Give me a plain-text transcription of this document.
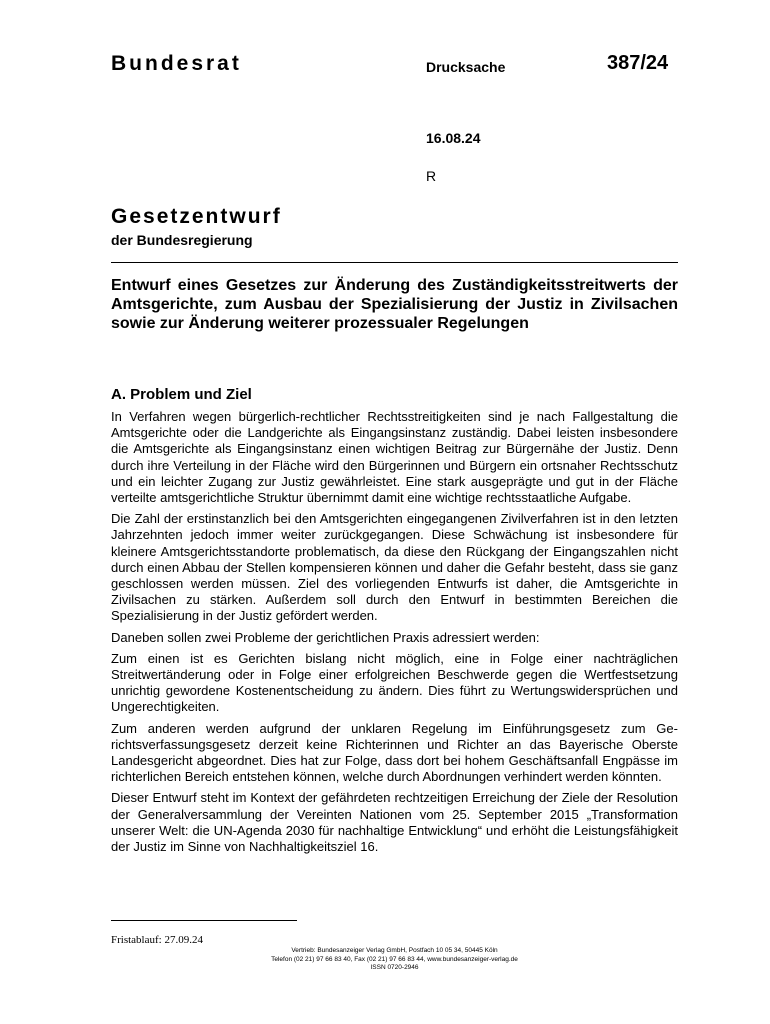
Bundesrat	Drucksache	387/24
16.08.24
R
Gesetzentwurf
der Bundesregierung
Entwurf eines Gesetzes zur Änderung des Zuständigkeitsstreitwerts der Amtsgerichte, zum Ausbau der Spezialisierung der Justiz in Zivilsachen sowie zur Änderung weiterer prozessualer Regelungen
A. Problem und Ziel

In Verfahren wegen bürgerlich-rechtlicher Rechtsstreitigkeiten sind je nach Fallgestaltung die Amtsgerichte oder die Landgerichte als Eingangsinstanz zuständig. Dabei leisten insbesondere die Amtsgerichte als Eingangsinstanz einen wichtigen Beitrag zur Bürgernähe der Justiz. Denn durch ihre Verteilung in der Fläche wird den Bürgerinnen und Bürgern ein ortsnaher Rechtsschutz und ein leichter Zugang zur Justiz gewährleistet. Eine stark ausgeprägte und gut in der Fläche verteilte amtsgerichtliche Struktur übernimmt damit eine wichtige rechtsstaatliche Aufgabe.

Die Zahl der erstinstanzlich bei den Amtsgerichten eingegangenen Zivilverfahren ist in den letzten Jahrzehnten jedoch immer weiter zurückgegangen. Diese Schwächung ist insbesondere für kleinere Amtsgerichtsstandorte problematisch, da diese den Rückgang der Eingangszahlen nicht durch einen Abbau der Stellen kompensieren können und daher die Gefahr besteht, dass sie ganz geschlossen werden müssen. Ziel des vorliegenden Entwurfs ist daher, die Amtsgerichte in Zivilsachen zu stärken. Außerdem soll durch den Entwurf in bestimmten Bereichen die Spezialisierung in der Justiz gefördert werden.

Daneben sollen zwei Probleme der gerichtlichen Praxis adressiert werden:

Zum einen ist es Gerichten bislang nicht möglich, eine in Folge einer nachträglichen Streitwertänderung oder in Folge einer erfolgreichen Beschwerde gegen die Wertfestsetzung unrichtig gewordene Kostenentscheidung zu ändern. Dies führt zu Wertungswidersprüchen und Ungerechtigkeiten.

Zum anderen werden aufgrund der unklaren Regelung im Einführungsgesetz zum Gerichtsverfassungsgesetz derzeit keine Richterinnen und Richter an das Bayerische Oberste Landesgericht abgeordnet. Dies hat zur Folge, dass dort bei hohem Geschäftsanfall Engpässe im richterlichen Bereich entstehen können, welche durch Abordnungen verhindert werden könnten.

Dieser Entwurf steht im Kontext der gefährdeten rechtzeitigen Erreichung der Ziele der Resolution der Generalversammlung der Vereinten Nationen vom 25. September 2015 „Transformation unserer Welt: die UN-Agenda 2030 für nachhaltige Entwicklung“ und erhöht die Leistungsfähigkeit der Justiz im Sinne von Nachhaltigkeitsziel 16.

Fristablauf: 27.09.24
Vertrieb: Bundesanzeiger Verlag GmbH, Postfach 10 05 34, 50445 Köln
Telefon (02 21) 97 66 83 40, Fax (02 21) 97 66 83 44, www.bundesanzeiger-verlag.de
ISSN 0720-2946
